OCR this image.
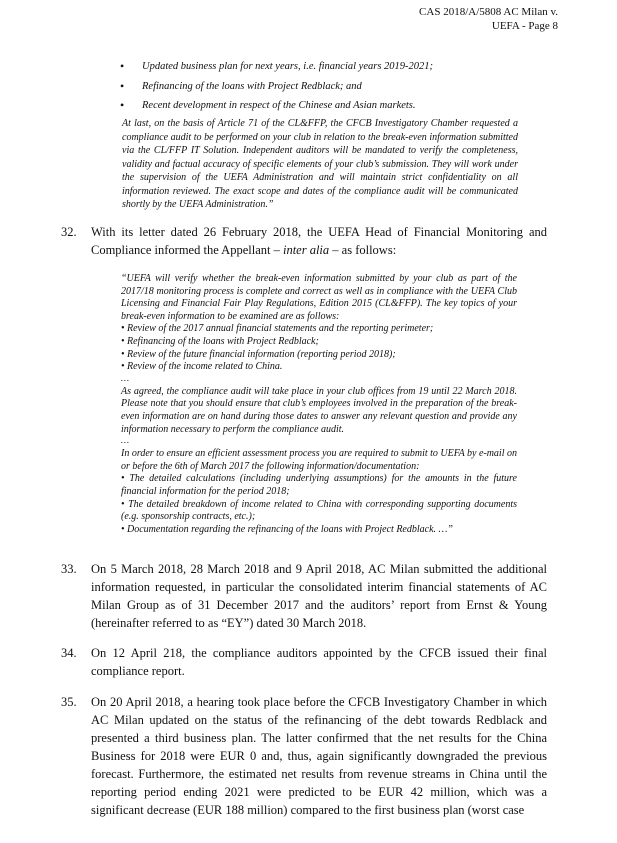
CAS 2018/A/5808 AC Milan v.
UEFA - Page 8
• Updated business plan for next years, i.e. financial years 2019-2021;
• Refinancing of the loans with Project Redblack; and
• Recent development in respect of the Chinese and Asian markets.
At last, on the basis of Article 71 of the CL&FFP, the CFCB Investigatory Chamber requested a compliance audit to be performed on your club in relation to the break-even information submitted via the CL/FFP IT Solution. Independent auditors will be mandated to verify the completeness, validity and factual accuracy of specific elements of your club’s submission. They will work under the supervision of the UEFA Administration and will maintain strict confidentiality on all information reviewed. The exact scope and dates of the compliance audit will be communicated shortly by the UEFA Administration.”
32. With its letter dated 26 February 2018, the UEFA Head of Financial Monitoring and Compliance informed the Appellant – inter alia – as follows:

“UEFA will verify whether the break-even information submitted by your club as part of the 2017/18 monitoring process is complete and correct as well as in compliance with the UEFA Club Licensing and Financial Fair Play Regulations, Edition 2015 (CL&FFP). The key topics of your break-even information to be examined are as follows:

• Review of the 2017 annual financial statements and the reporting perimeter;

• Refinancing of the loans with Project Redblack;

• Review of the future financial information (reporting period 2018);

• Review of the income related to China.

…

As agreed, the compliance audit will take place in your club offices from 19 until 22 March 2018. Please note that you should ensure that club’s employees involved in the preparation of the break-even information are on hand during those dates to answer any relevant question and provide any information necessary to perform the compliance audit.

…

In order to ensure an efficient assessment process you are required to submit to UEFA by e-mail on or before the 6th of March 2017 the following information/documentation:

• The detailed calculations (including underlying assumptions) for the amounts in the future financial information for the period 2018;

• The detailed breakdown of income related to China with corresponding supporting documents (e.g. sponsorship contracts, etc.);

• Documentation regarding the refinancing of the loans with Project Redblack. …”

33. On 5 March 2018, 28 March 2018 and 9 April 2018, AC Milan submitted the additional information requested, in particular the consolidated interim financial statements of AC Milan Group as of 31 December 2017 and the auditors’ report from Ernst & Young (hereinafter referred to as “EY”) dated 30 March 2018.
34. On 12 April 218, the compliance auditors appointed by the CFCB issued their final compliance report.
35. On 20 April 2018, a hearing took place before the CFCB Investigatory Chamber in which AC Milan updated on the status of the refinancing of the debt towards Redblack and presented a third business plan. The latter confirmed that the net results for the China Business for 2018 were EUR 0 and, thus, again significantly downgraded the previous forecast. Furthermore, the estimated net results from revenue streams in China until the reporting period ending 2021 were predicted to be EUR 42 million, which was a significant decrease (EUR 188 million) compared to the first business plan (worst case
